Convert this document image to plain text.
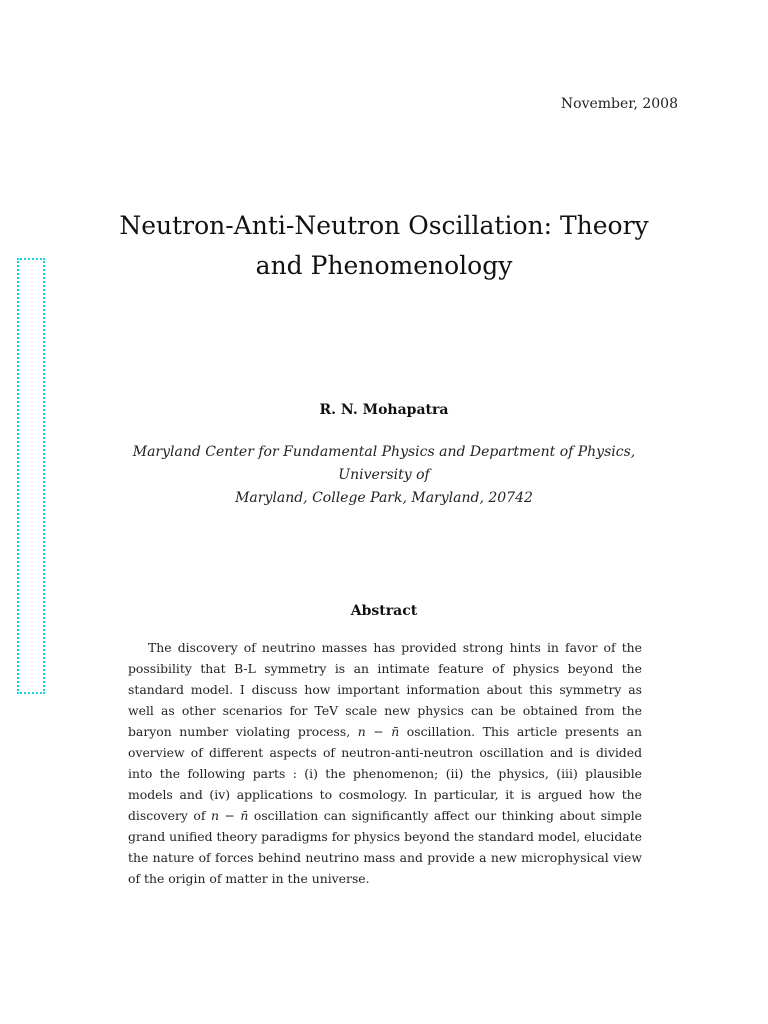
November, 2008
Neutron-Anti-Neutron Oscillation: Theory
and Phenomenology
R. N. Mohapatra
Maryland Center for Fundamental Physics and Department of Physics, University of
Maryland, College Park, Maryland, 20742
Abstract

The discovery of neutrino masses has provided strong hints in favor of the possibility that B-L symmetry is an intimate feature of physics beyond the standard model. I discuss how important information about this symmetry as well as other scenarios for TeV scale new physics can be obtained from the baryon number violating process, n − n̄ oscillation. This article presents an overview of different aspects of neutron-anti-neutron oscillation and is divided into the following parts : (i) the phenomenon; (ii) the physics, (iii) plausible models and (iv) applications to cosmology. In particular, it is argued how the discovery of n − n̄ oscillation can significantly affect our thinking about simple grand unified theory paradigms for physics beyond the standard model, elucidate the nature of forces behind neutrino mass and provide a new microphysical view of the origin of matter in the universe.
